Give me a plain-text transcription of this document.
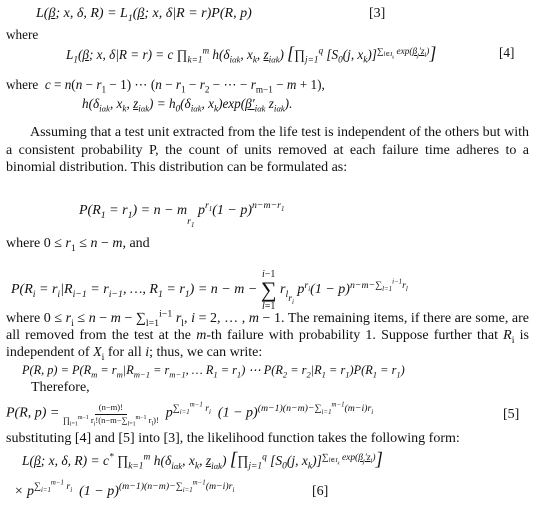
L(β; x, δ, $R) = L_1(\beta$; x, δ|R = r)P(R, p)	[3]
where
$L_1(\beta$; x, δ|R = r) = c $\prod_{k=1}^m$ $h(\delta_{i\alpha k}$, $x_k$, $z_{i\alpha k}$) [$\prod_{j=1}^q$ [$S_0(j$, $x_k)]^{\sum_{l\in I_k} exp(\beta_j'z_l)}$]	[4]
where  $c = n(n - r_1 - 1)$ ⋯ ($n - r_1 - r_2$ − ⋯ − $r_{m-1} - m + 1$),
$h(\delta_{i\alpha k}$, $x_k$, $z_{i\alpha k}) = h_0(\delta_{i\alpha k}$, $x_k)\exp(\beta'_{i\alpha k}$ $z_{i\alpha k}$).
Assuming that a test unit extracted from the life test is independent of the others but with a consistent probability P, the count of units removed at each failure time adheres to a binomial distribution. This distribution can be formulated as:
$P(R_1 = r_1) = n - m_{r_1}$ $p^{r_1}(1 - p)^{n-m-r_1}$
where $0 \le r_1 \le n - m$, and
$P(R_i = r_i|R_{i-1} = r_{i-1}$, …, $R_1 = r_1) = n - m - i-1$
∑
l=1 $r_{lr_i}$ $p^{r_i}(1 - p)^{n-m-\sum_{l=1}^{i-1}r_l}$
where $0 \le r_i \le n - m - \sum_{l=1}^{i-1}$ $r_l$, i = 2, … , m − 1. The remaining items, if there are some, are all removed from the test at the m-th failure with probability 1. Suppose further that $R_i$ is independent of $X_i$ for all i; thus, we can write:
P(R, $p) = P(R_m = r_m|R_{m-1} = r_{m-1}$, … $R_1 = r_1$) ⋯ $P(R_2 = r_2|R_1 = r_1)P(R_1 = r_1)$
Therefore,
P(R, $p) = \frac{(n-m)!}{\prod_{i=1}^{m-1} r_i!(n-m-\sum_{l=1}^{m-1} r_l)!} p^{\sum_{i=1}^{m-1} r_i}$  $(1 - p)^{(m-1)(n-m)-\sum_{i=1}^{m-1}(m-i)r_i}$	[5]
substituting [4] and [5] into [3], the likelihood function takes the following form:
L(β; x, δ, R) = c* $\prod_{k=1}^m$ $h(\delta_{i\alpha k}$, $x_k$, $z_{i\alpha k}$) [$\prod_{j=1}^q$ [$S_0(j$, $x_k)]^{\sum_{l\in I_k} exp(\beta_j'z_l)}$]
× $p^{\sum_{i=1}^{m-1} r_i}$  $(1 - p)^{(m-1)(n-m)-\sum_{i=1}^{m-1}(m-i)r_i}$	[6]
